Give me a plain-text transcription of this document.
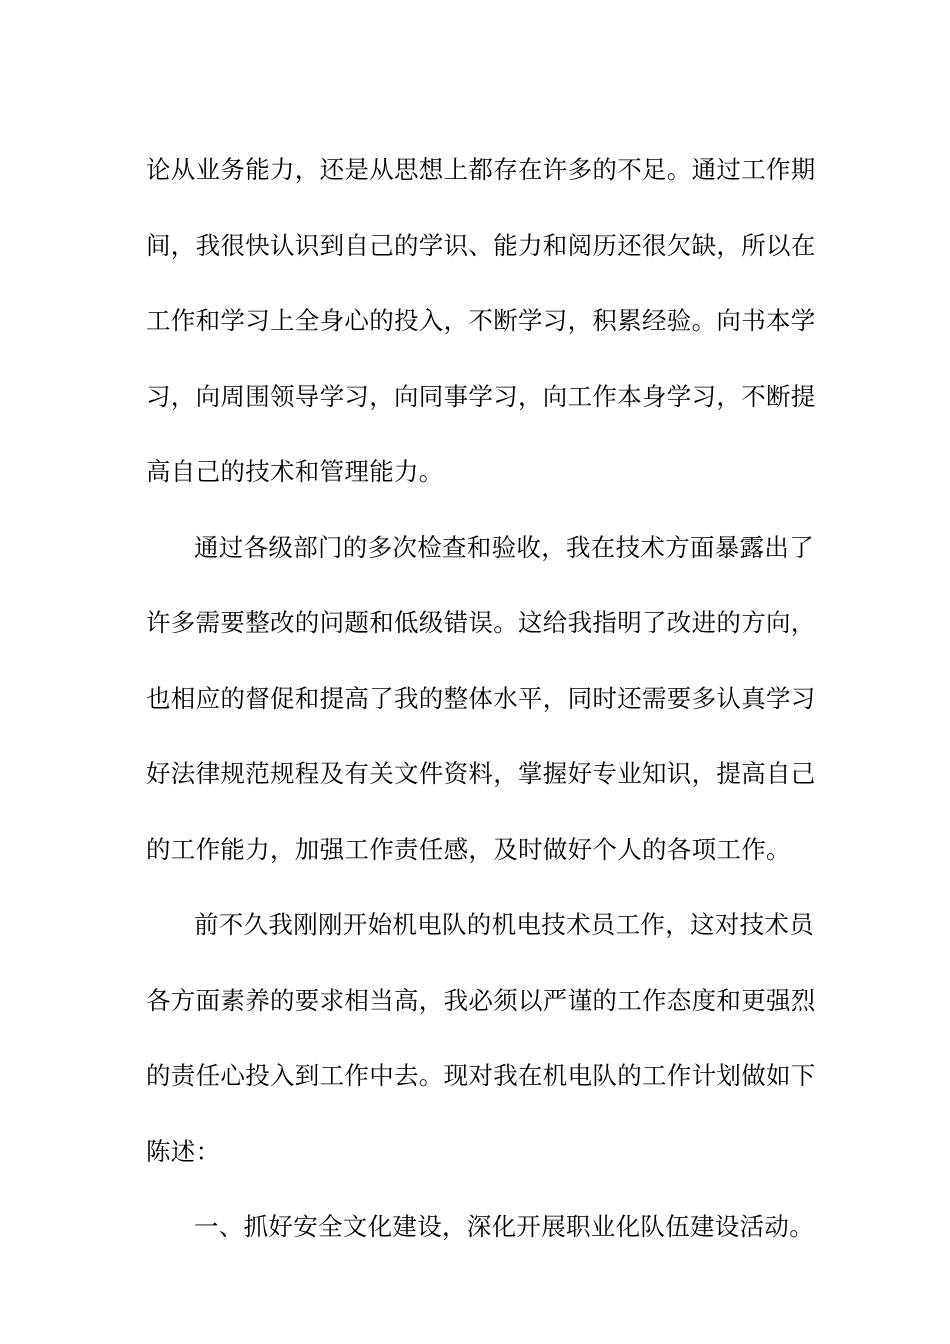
论从业务能力，还是从思想上都存在许多的不足。通过工作期
间，我很快认识到自己的学识、能力和阅历还很欠缺，所以在
工作和学习上全身心的投入，不断学习，积累经验。向书本学
习，向周围领导学习，向同事学习，向工作本身学习，不断提
高自己的技术和管理能力。
通过各级部门的多次检查和验收，我在技术方面暴露出了
许多需要整改的问题和低级错误。这给我指明了改进的方向，
也相应的督促和提高了我的整体水平，同时还需要多认真学习
好法律规范规程及有关文件资料，掌握好专业知识，提高自己
的工作能力，加强工作责任感，及时做好个人的各项工作。
前不久我刚刚开始机电队的机电技术员工作，这对技术员
各方面素养的要求相当高，我必须以严谨的工作态度和更强烈
的责任心投入到工作中去。现对我在机电队的工作计划做如下
陈述：
一、抓好安全文化建设，深化开展职业化队伍建设活动。
